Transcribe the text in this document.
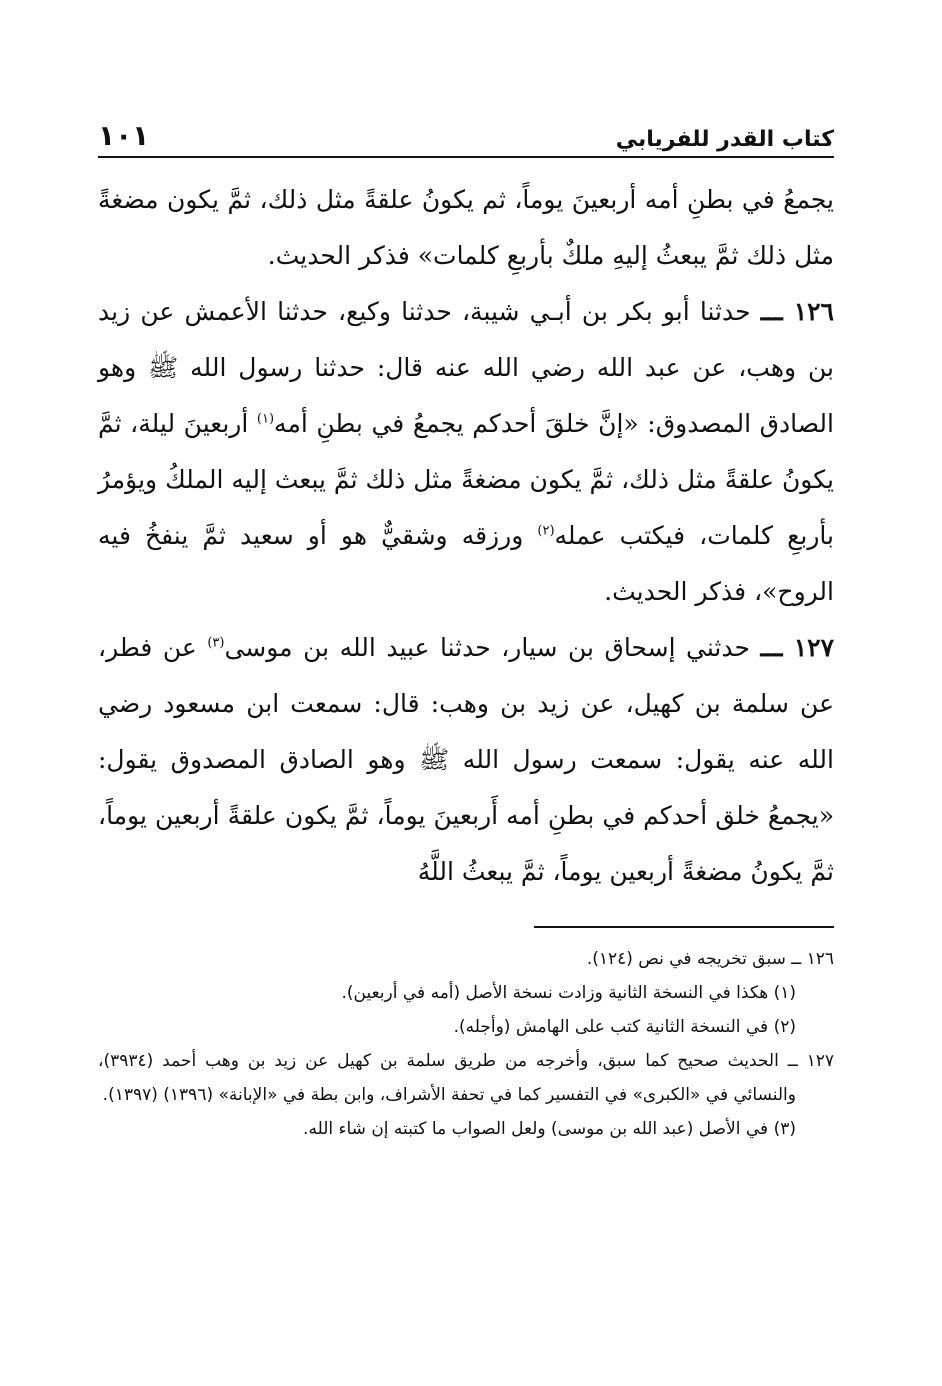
كتاب القدر للفريابي
١٠١

يجمعُ في بطنِ أمه أربعينَ يوماً، ثم يكونُ علقةً مثل ذلك، ثمَّ يكون مضغةً مثل ذلك ثمَّ يبعثُ إليهِ ملكٌ بأربعِ كلمات» فذكر الحديث.

١٢٦ ـــ حدثنا أبو بكر بن أبـي شيبة، حدثنا وكيع، حدثنا الأعمش عن زيد بن وهب، عن عبد الله رضي الله عنه قال: حدثنا رسول الله ﷺ وهو الصادق المصدوق: «إنَّ خلقَ أحدكم يجمعُ في بطنِ أمه$^{(١)}$ أربعينَ ليلة، ثمَّ يكونُ علقةً مثل ذلك، ثمَّ يكون مضغةً مثل ذلك ثمَّ يبعث إليه الملكُ ويؤمرُ بأربعِ كلمات، فيكتب عمله$^{(٢)}$ ورزقه وشقيٌّ هو أو سعيد ثمَّ ينفخُ فيه الروح»، فذكر الحديث.

١٢٧ ـــ حدثني إسحاق بن سيار، حدثنا عبيد الله بن موسى$^{(٣)}$ عن فطر، عن سلمة بن كهيل، عن زيد بن وهب: قال: سمعت ابن مسعود رضي الله عنه يقول: سمعت رسول الله ﷺ وهو الصادق المصدوق يقول: «يجمعُ خلق أحدكم في بطنِ أمه أَربعينَ يوماً، ثمَّ يكون علقةً أربعين يوماً، ثمَّ يكونُ مضغةً أربعين يوماً، ثمَّ يبعثُ اللَّهُ

١٢٦ ــ سبق تخريجه في نص (١٢٤).

(١) هكذا في النسخة الثانية وزادت نسخة الأصل (أمه في أربعين).

(٢) في النسخة الثانية كتب على الهامش (وأجله).

١٢٧ ــ الحديث صحيح كما سبق، وأخرجه من طريق سلمة بن كهيل عن زيد بن وهب أحمد (٣٩٣٤)، والنسائي في «الكبرى» في التفسير كما في تحفة الأشراف، وابن بطة في «الإبانة» (١٣٩٦) (١٣٩٧).

(٣) في الأصل (عبد الله بن موسى) ولعل الصواب ما كتبته إن شاء الله.
